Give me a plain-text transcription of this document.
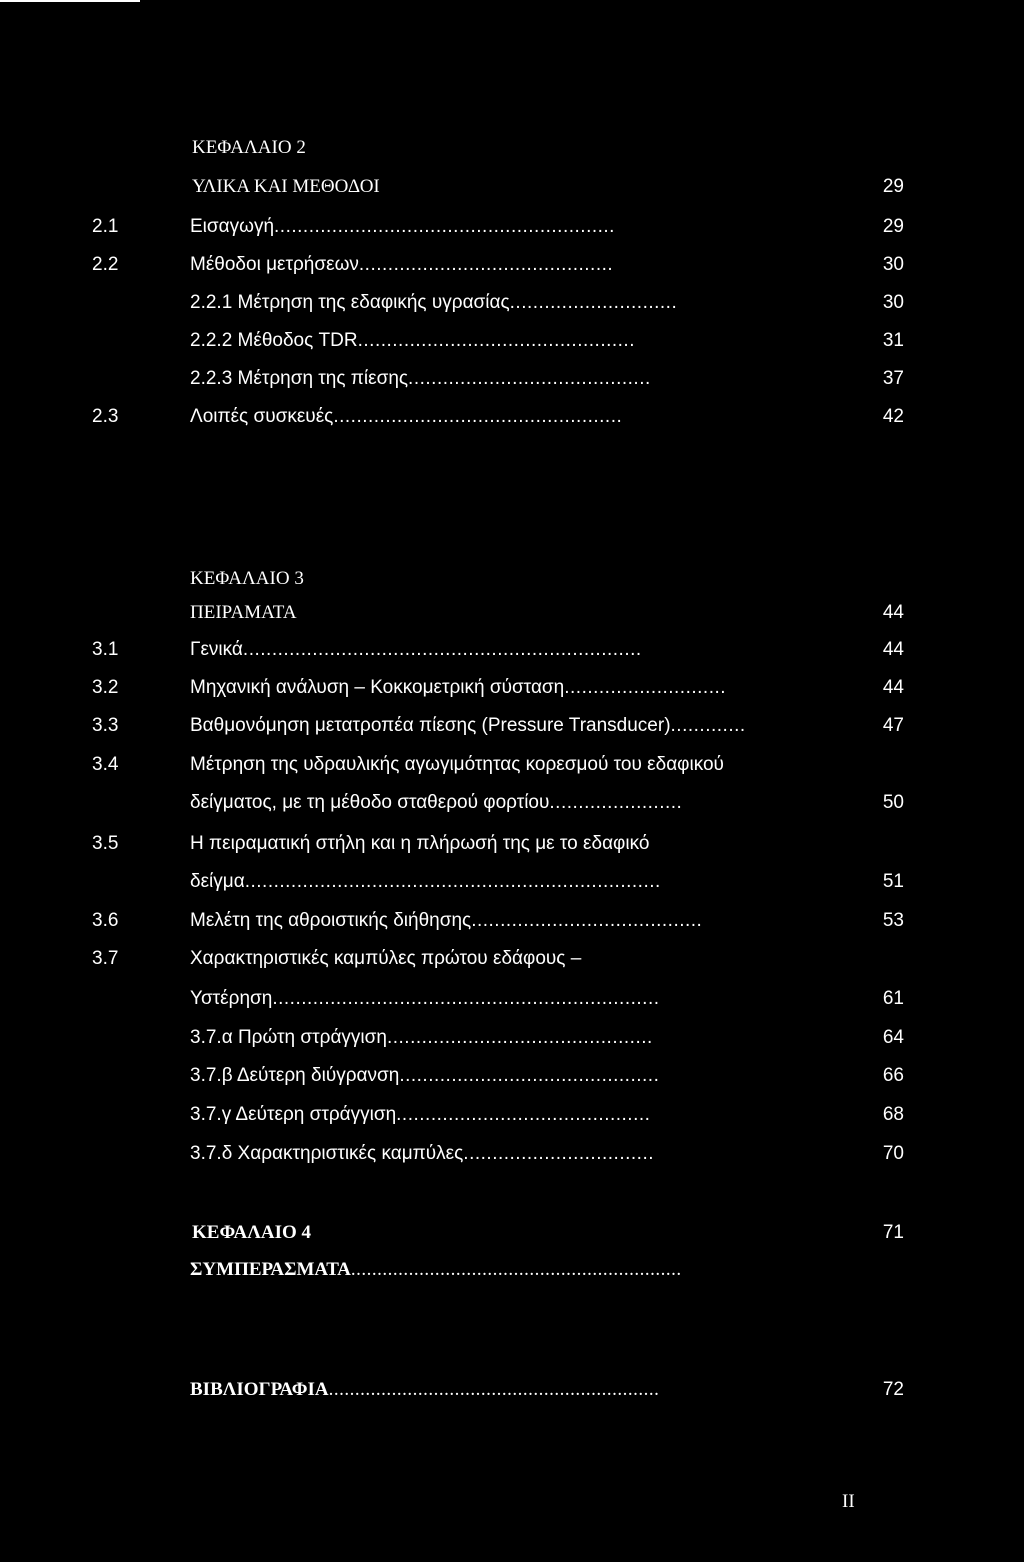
ΚΕΦΑΛΑΙΟ 2
ΥΛΙΚΑ ΚΑΙ ΜΕΘΟΔΟΙ	29
2.1	Εισαγωγή...........................................................	29
2.2	Μέθοδοι μετρήσεων............................................	30
2.2.1 Μέτρηση της εδαφικής υγρασίας.............................	30
2.2.2 Μέθοδος TDR................................................	31
2.2.3 Μέτρηση της πίεσης..........................................	37
2.3	Λοιπές συσκευές..................................................	42
ΚΕΦΑΛΑΙΟ 3
ΠΕΙΡΑΜΑΤΑ	44
3.1	Γενικά.....................................................................	44
3.2	Μηχανική ανάλυση – Κοκκομετρική σύσταση............................	44
3.3	Βαθμονόμηση μετατροπέα πίεσης (Pressure Transducer).............	47
3.4	Μέτρηση της υδραυλικής αγωγιμότητας κορεσμού του εδαφικού
δείγματος, με τη μέθοδο σταθερού φορτίου.......................	50
3.5	Η πειραματική στήλη και η πλήρωσή της με το εδαφικό
δείγμα........................................................................	51
3.6	Μελέτη της αθροιστικής διήθησης........................................	53
3.7	Χαρακτηριστικές καμπύλες πρώτου εδάφους –
Υστέρηση...................................................................	61
3.7.α Πρώτη στράγγιση..............................................	64
3.7.β Δεύτερη διύγρανση.............................................	66
3.7.γ Δεύτερη στράγγιση............................................	68
3.7.δ Χαρακτηριστικές καμπύλες.................................	70
ΚΕΦΑΛΑΙΟ 4	71
ΣΥΜΠΕΡΑΣΜΑΤΑ...............................................................
ΒΙΒΛΙΟΓΡΑΦΙΑ...............................................................	72
II
